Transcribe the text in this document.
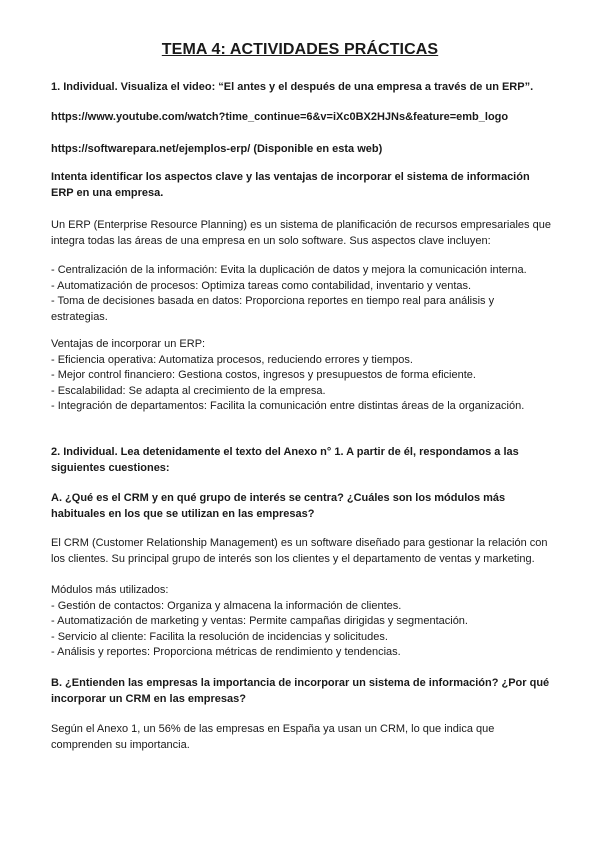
TEMA 4: ACTIVIDADES PRÁCTICAS

1. Individual. Visualiza el video: “El antes y el después de una empresa a través de un ERP”.

https://www.youtube.com/watch?time_continue=6&v=iXc0BX2HJNs&feature=emb_logo

https://softwarepara.net/ejemplos-erp/ (Disponible en esta web)

Intenta identificar los aspectos clave y las ventajas de incorporar el sistema de información ERP en una empresa.

Un ERP (Enterprise Resource Planning) es un sistema de planificación de recursos empresariales que integra todas las áreas de una empresa en un solo software. Sus aspectos clave incluyen:

- Centralización de la información: Evita la duplicación de datos y mejora la comunicación interna.
- Automatización de procesos: Optimiza tareas como contabilidad, inventario y ventas.
- Toma de decisiones basada en datos: Proporciona reportes en tiempo real para análisis y estrategias.
Ventajas de incorporar un ERP:
- Eficiencia operativa: Automatiza procesos, reduciendo errores y tiempos.
- Mejor control financiero: Gestiona costos, ingresos y presupuestos de forma eficiente.
- Escalabilidad: Se adapta al crecimiento de la empresa.
- Integración de departamentos: Facilita la comunicación entre distintas áreas de la organización.

2. Individual. Lea detenidamente el texto del Anexo n° 1. A partir de él, respondamos a las siguientes cuestiones:

A. ¿Qué es el CRM y en qué grupo de interés se centra? ¿Cuáles son los módulos más habituales en los que se utilizan en las empresas?

El CRM (Customer Relationship Management) es un software diseñado para gestionar la relación con los clientes. Su principal grupo de interés son los clientes y el departamento de ventas y marketing.

Módulos más utilizados:
- Gestión de contactos: Organiza y almacena la información de clientes.
- Automatización de marketing y ventas: Permite campañas dirigidas y segmentación.
- Servicio al cliente: Facilita la resolución de incidencias y solicitudes.
- Análisis y reportes: Proporciona métricas de rendimiento y tendencias.

B. ¿Entienden las empresas la importancia de incorporar un sistema de información? ¿Por qué incorporar un CRM en las empresas?

Según el Anexo 1, un 56% de las empresas en España ya usan un CRM, lo que indica que comprenden su importancia.
